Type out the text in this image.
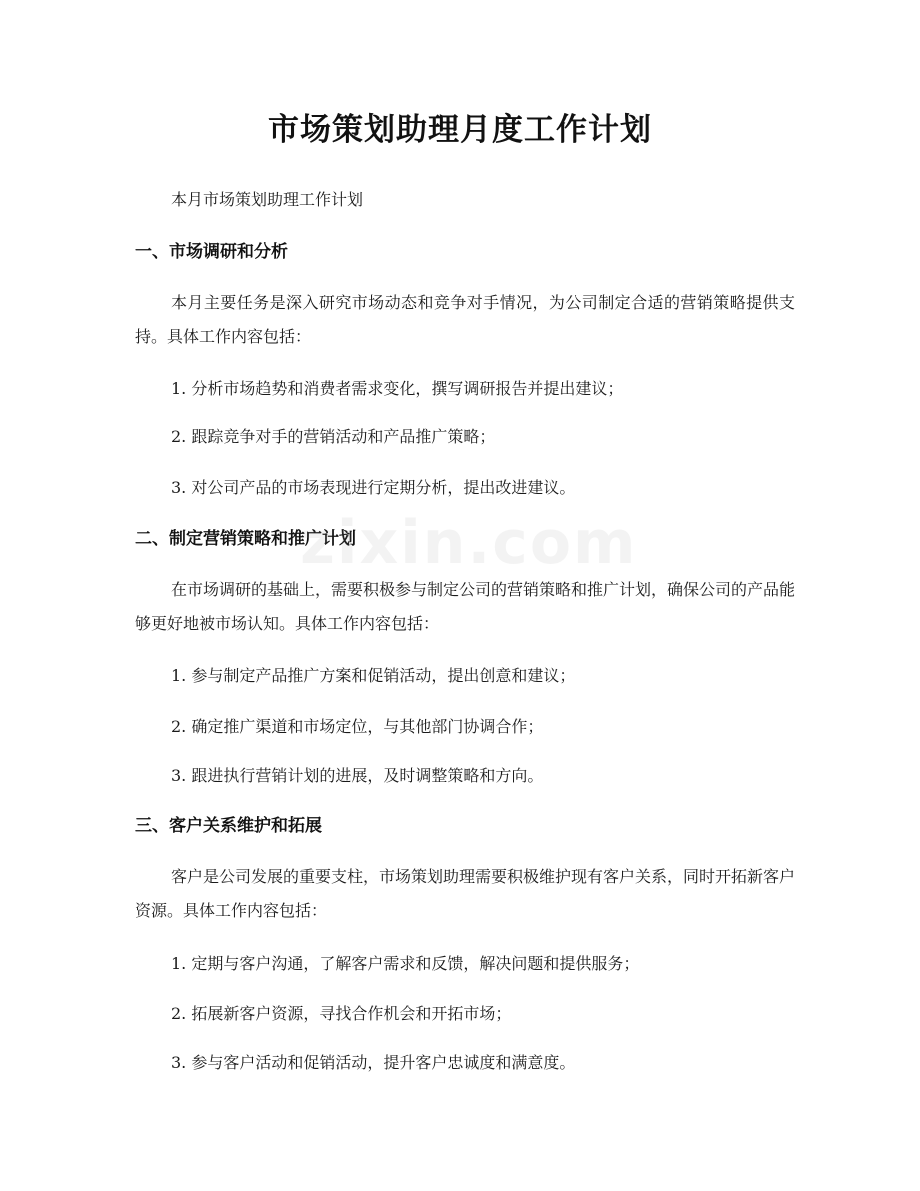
市场策划助理月度工作计划
本月市场策划助理工作计划
一、市场调研和分析
本月主要任务是深入研究市场动态和竞争对手情况，为公司制定合适的营销策略提供支持。具体工作内容包括：
1. 分析市场趋势和消费者需求变化，撰写调研报告并提出建议；
2. 跟踪竞争对手的营销活动和产品推广策略；
3. 对公司产品的市场表现进行定期分析，提出改进建议。
二、制定营销策略和推广计划
在市场调研的基础上，需要积极参与制定公司的营销策略和推广计划，确保公司的产品能够更好地被市场认知。具体工作内容包括：
1. 参与制定产品推广方案和促销活动，提出创意和建议；
2. 确定推广渠道和市场定位，与其他部门协调合作；
3. 跟进执行营销计划的进展，及时调整策略和方向。
三、客户关系维护和拓展
客户是公司发展的重要支柱，市场策划助理需要积极维护现有客户关系，同时开拓新客户资源。具体工作内容包括：
1. 定期与客户沟通，了解客户需求和反馈，解决问题和提供服务；
2. 拓展新客户资源，寻找合作机会和开拓市场；
3. 参与客户活动和促销活动，提升客户忠诚度和满意度。
zixin.com
